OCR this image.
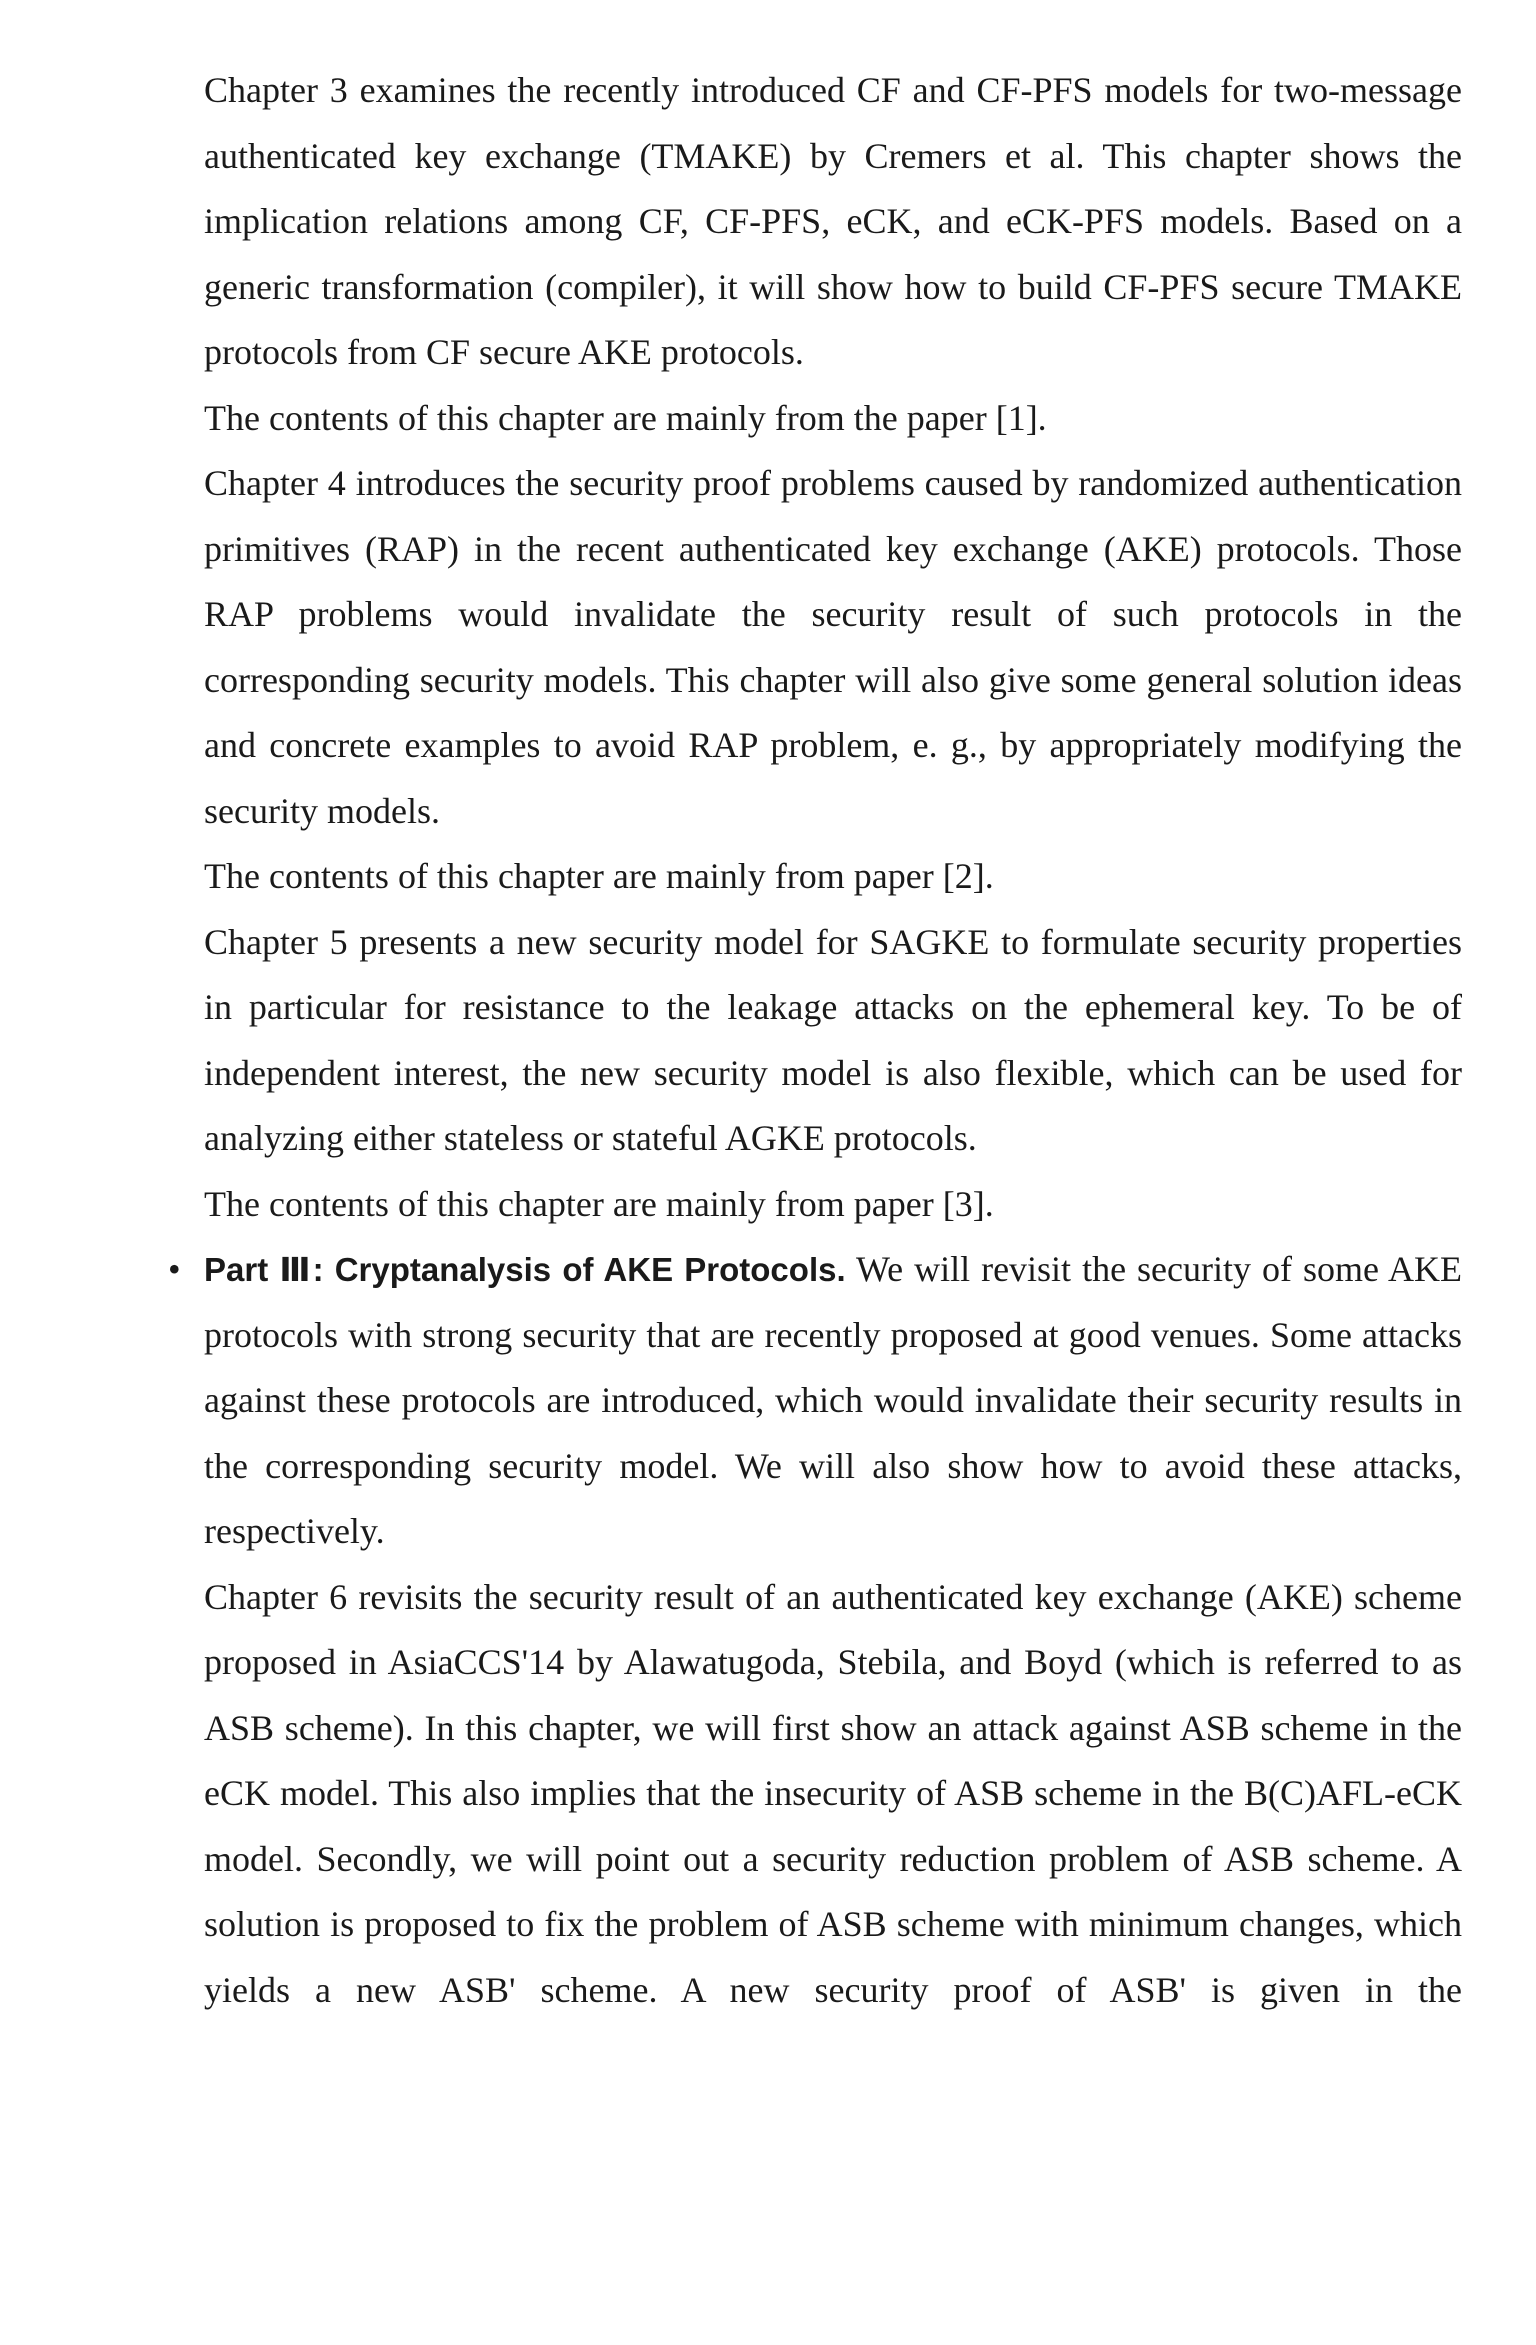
Chapter 3 examines the recently introduced CF and CF-PFS models for two-message authenticated key exchange (TMAKE) by Cremers et al. This chapter shows the implication relations among CF, CF-PFS, eCK, and eCK-PFS models. Based on a generic transformation (compiler), it will show how to build CF-PFS secure TMAKE protocols from CF secure AKE protocols.

The contents of this chapter are mainly from the paper [1].

Chapter 4 introduces the security proof problems caused by randomized authentication primitives (RAP) in the recent authenticated key exchange (AKE) protocols. Those RAP problems would invalidate the security result of such protocols in the corresponding security models. This chapter will also give some general solution ideas and concrete examples to avoid RAP problem, e. g., by appropriately modifying the security models.

The contents of this chapter are mainly from paper [2].

Chapter 5 presents a new security model for SAGKE to formulate security properties in particular for resistance to the leakage attacks on the ephemeral key. To be of independent interest, the new security model is also flexible, which can be used for analyzing either stateless or stateful AGKE protocols.

The contents of this chapter are mainly from paper [3].

• Part Ⅲ: Cryptanalysis of AKE Protocols. We will revisit the security of some AKE protocols with strong security that are recently proposed at good venues. Some attacks against these protocols are introduced, which would invalidate their security results in the corresponding security model. We will also show how to avoid these attacks, respectively.

Chapter 6 revisits the security result of an authenticated key exchange (AKE) scheme proposed in AsiaCCS'14 by Alawatugoda, Stebila, and Boyd (which is referred to as ASB scheme). In this chapter, we will first show an attack against ASB scheme in the eCK model. This also implies that the insecurity of ASB scheme in the B(C)AFL-eCK model. Secondly, we will point out a security reduction problem of ASB scheme. A solution is proposed to fix the problem of ASB scheme with minimum changes, which yields a new ASB' scheme. A new security proof of ASB' is given in the
